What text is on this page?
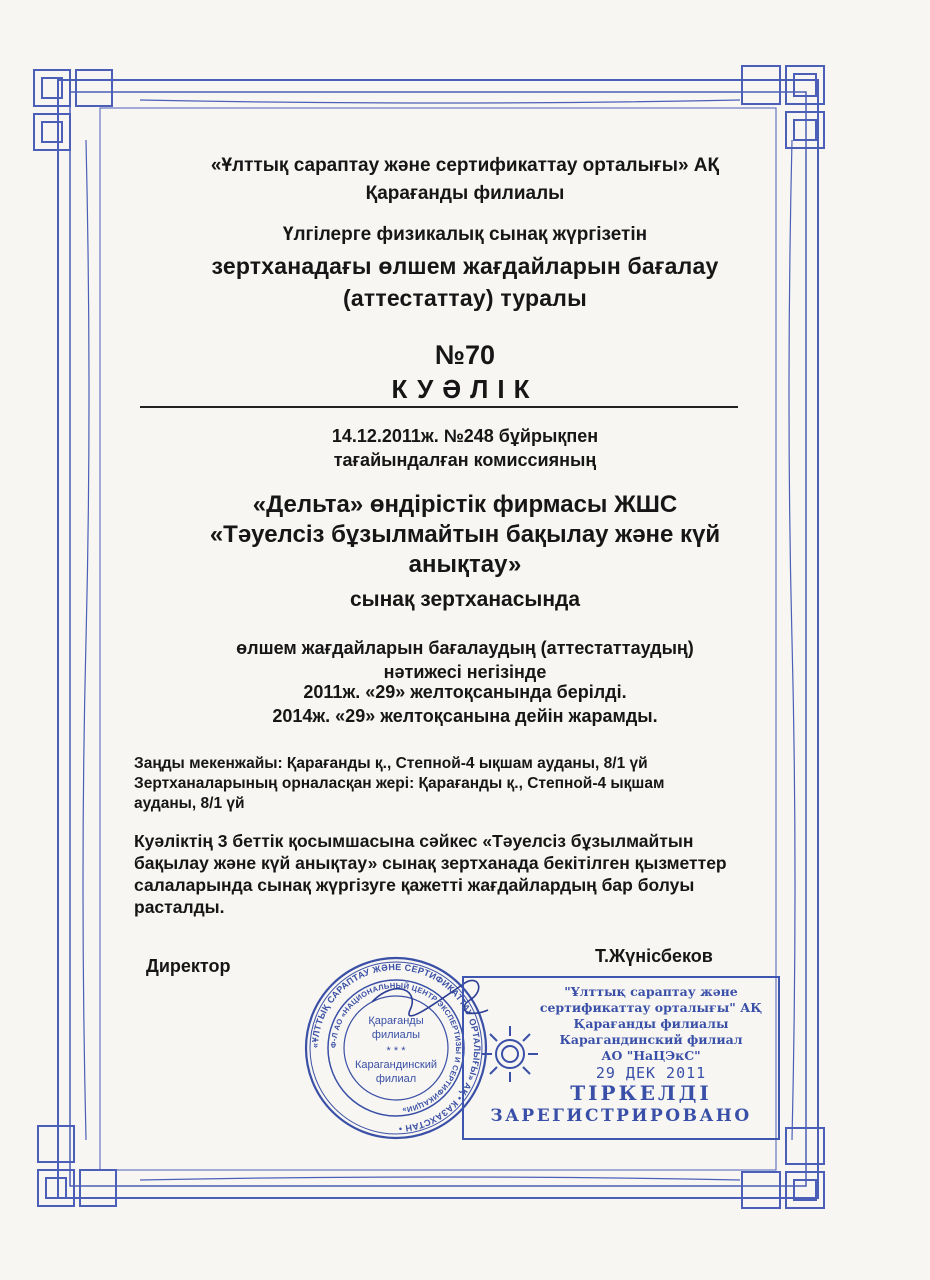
«Ұлттық сараптау және сертификаттау орталығы» АҚ
Қарағанды филиалы
Үлгілерге физикалық сынақ жүргізетін
зертханадағы өлшем жағдайларын бағалау
(аттестаттау) туралы
№70
КУӘЛІК
14.12.2011ж. №248 бұйрықпен
тағайындалған комиссияның
«Дельта» өндірістік фирмасы ЖШС
«Тәуелсіз бұзылмайтын бақылау және күй
анықтау»
сынақ зертханасында
өлшем жағдайларын бағалаудың (аттестаттаудың)
нәтижесі негізінде
2011ж. «29» желтоқсанында берілді.
2014ж. «29» желтоқсанына дейін жарамды.
Заңды мекенжайы: Қарағанды қ., Степной-4 ықшам ауданы, 8/1 үй
Зертханаларының орналасқан жері: Қарағанды қ., Степной-4 ықшам
ауданы, 8/1 үй
Куәліктің 3 беттік қосымшасына сәйкес «Тәуелсіз бұзылмайтын
бақылау және күй анықтау» сынақ зертханада бекітілген қызметтер
салаларында сынақ жүргізуге қажетті жағдайлардың бар болуы
расталды.
Директор	Т.Жүнісбеков
«ҰЛТТЫҚ САРАПТАУ ЖӘНЕ СЕРТИФИКАТТАУ ОРТАЛЫҒЫ» АҚ • КАЗАХСТАН •
Ф-Л АО «НАЦИОНАЛЬНЫЙ ЦЕНТР ЭКСПЕРТИЗЫ И СЕРТИФИКАЦИИ»
Қарағанды
филиалы
* * *
Карагандинский
филиал
"Ұлттық сараптау және
сертификаттау орталығы" АҚ
Қарағанды филиалы
Карагандинский филиал
АО "НаЦЭкС"
29 ДЕК 2011
ТІРКЕЛДІ
ЗАРЕГИСТРИРОВАНО
